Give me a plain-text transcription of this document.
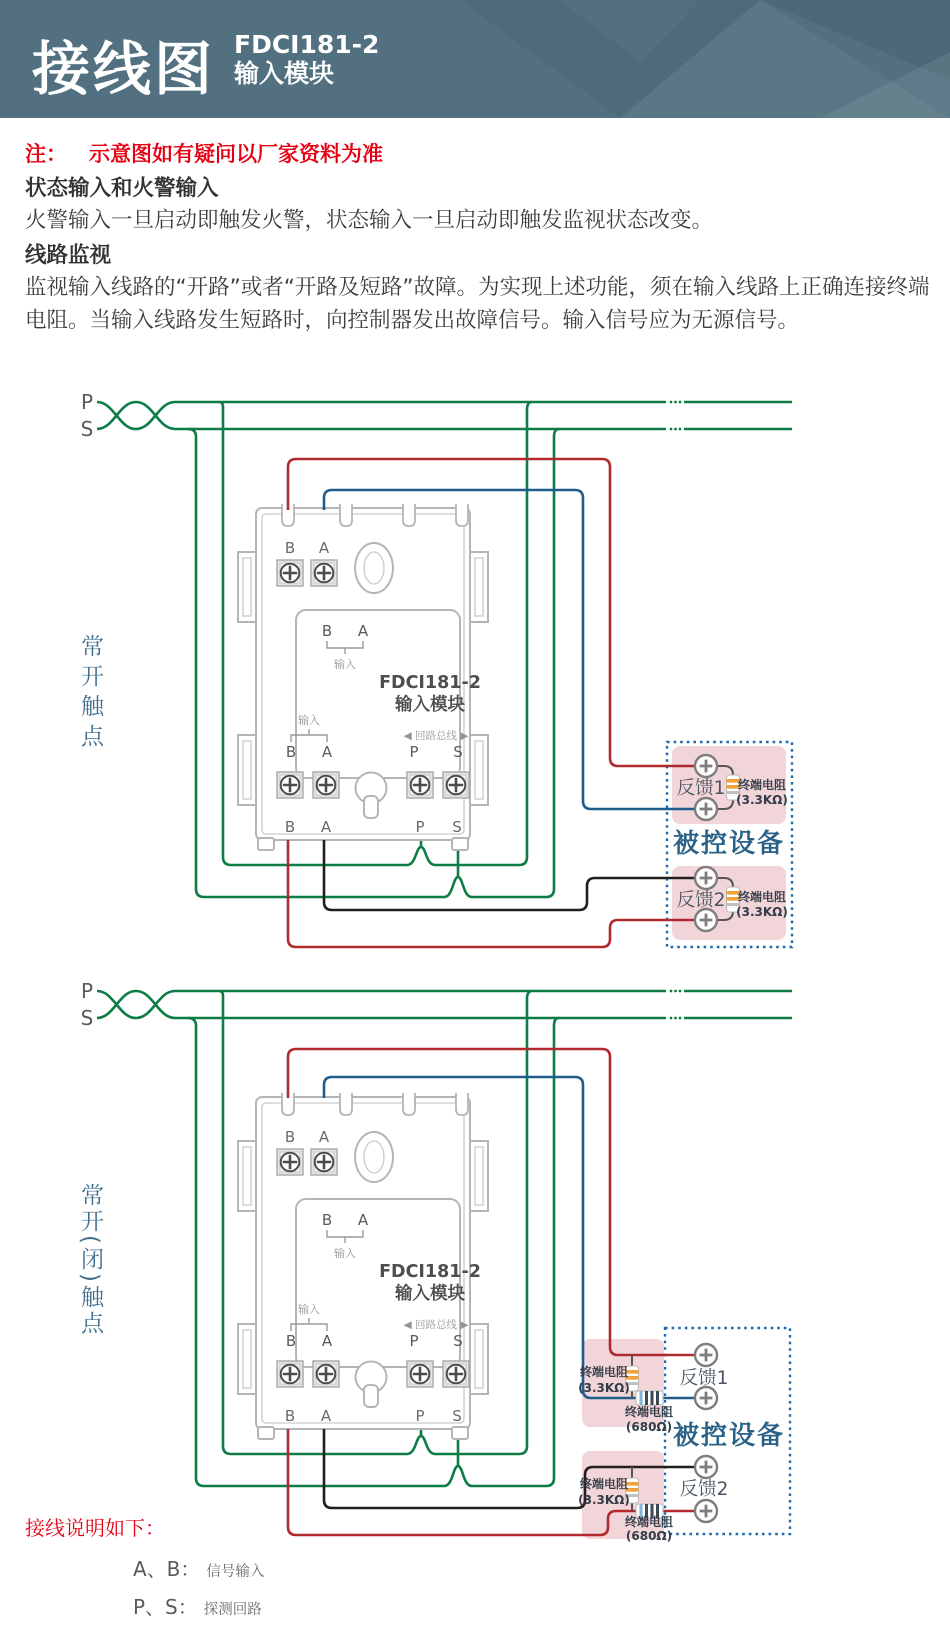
反馈1 终端电阻
(3.3KΩ)
被控设备
反馈2 终端电阻
(3.3KΩ)
终端电阻
(3.3KΩ)
终端电阻
(680Ω)
反馈1
被控设备
终端电阻
(3.3KΩ)
终端电阻
(680Ω)
反馈2
接线图 FDCI181-2
输入模块
注： 示意图如有疑问以厂家资料为准
状态输入和火警输入
火警输入一旦启动即触发火警，状态输入一旦启动即触发监视状态改变。
线路监视
监视输入线路的“开路”或者“开路及短路”故障。为实现上述功能，须在输入线路上正确连接终端电阻。当输入线路发生短路时，向控制器发出故障信号。输入信号应为无源信号。
常开触点
常开(闭)触点
接线说明如下：
A、B： 信号输入
P、S： 探测回路
